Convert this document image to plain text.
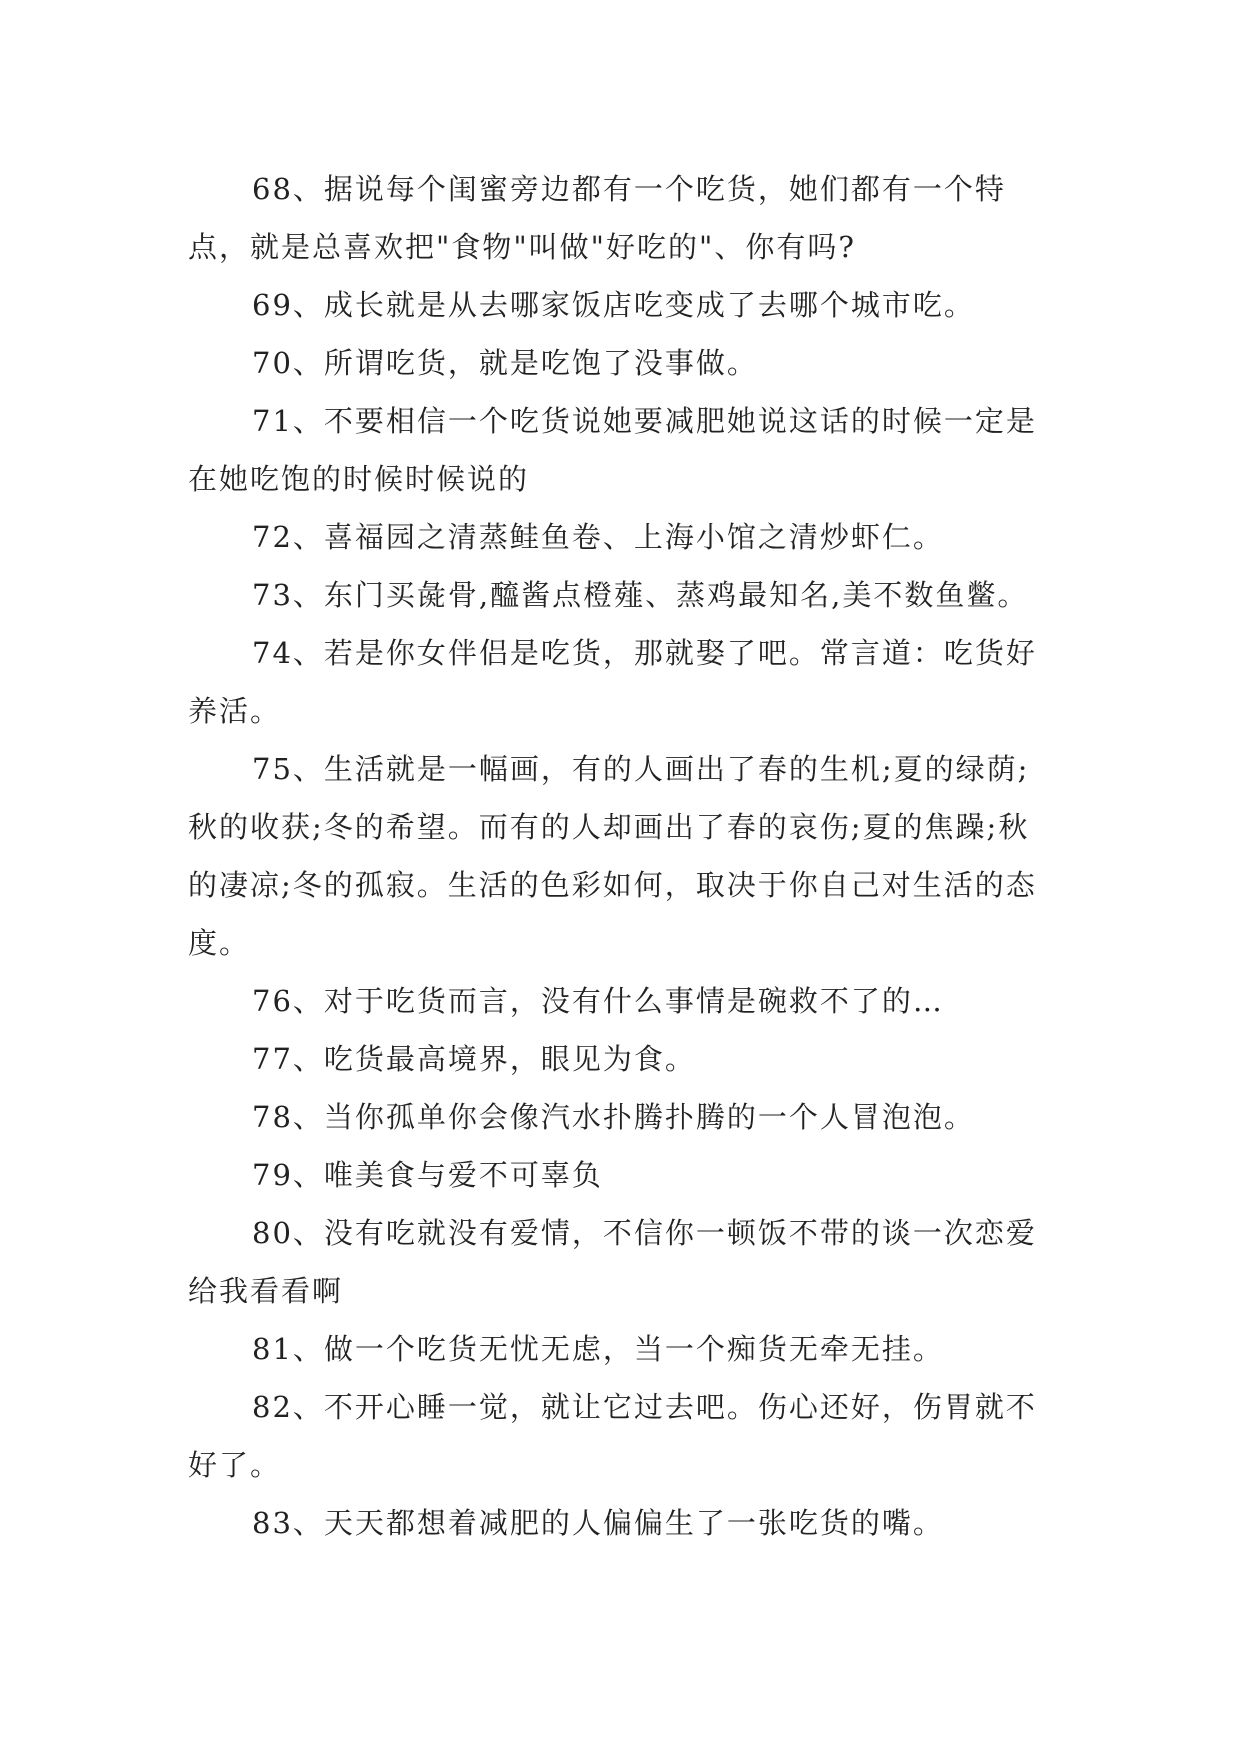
68、据说每个闺蜜旁边都有一个吃货，她们都有一个特点，就是总喜欢把"食物"叫做"好吃的"、你有吗?

69、成长就是从去哪家饭店吃变成了去哪个城市吃。

70、所谓吃货，就是吃饱了没事做。

71、不要相信一个吃货说她要减肥她说这话的时候一定是在她吃饱的时候时候说的

72、喜福园之清蒸鲑鱼卷、上海小馆之清炒虾仁。

73、东门买彘骨,醯酱点橙薤、蒸鸡最知名,美不数鱼鳖。

74、若是你女伴侣是吃货，那就娶了吧。常言道：吃货好养活。

75、生活就是一幅画，有的人画出了春的生机;夏的绿荫;秋的收获;冬的希望。而有的人却画出了春的哀伤;夏的焦躁;秋的凄凉;冬的孤寂。生活的色彩如何，取决于你自己对生活的态度。

76、对于吃货而言，没有什么事情是碗救不了的…

77、吃货最高境界，眼见为食。

78、当你孤单你会像汽水扑腾扑腾的一个人冒泡泡。

79、唯美食与爱不可辜负

80、没有吃就没有爱情，不信你一顿饭不带的谈一次恋爱给我看看啊

81、做一个吃货无忧无虑，当一个痴货无牵无挂。

82、不开心睡一觉，就让它过去吧。伤心还好，伤胃就不好了。

83、天天都想着减肥的人偏偏生了一张吃货的嘴。
